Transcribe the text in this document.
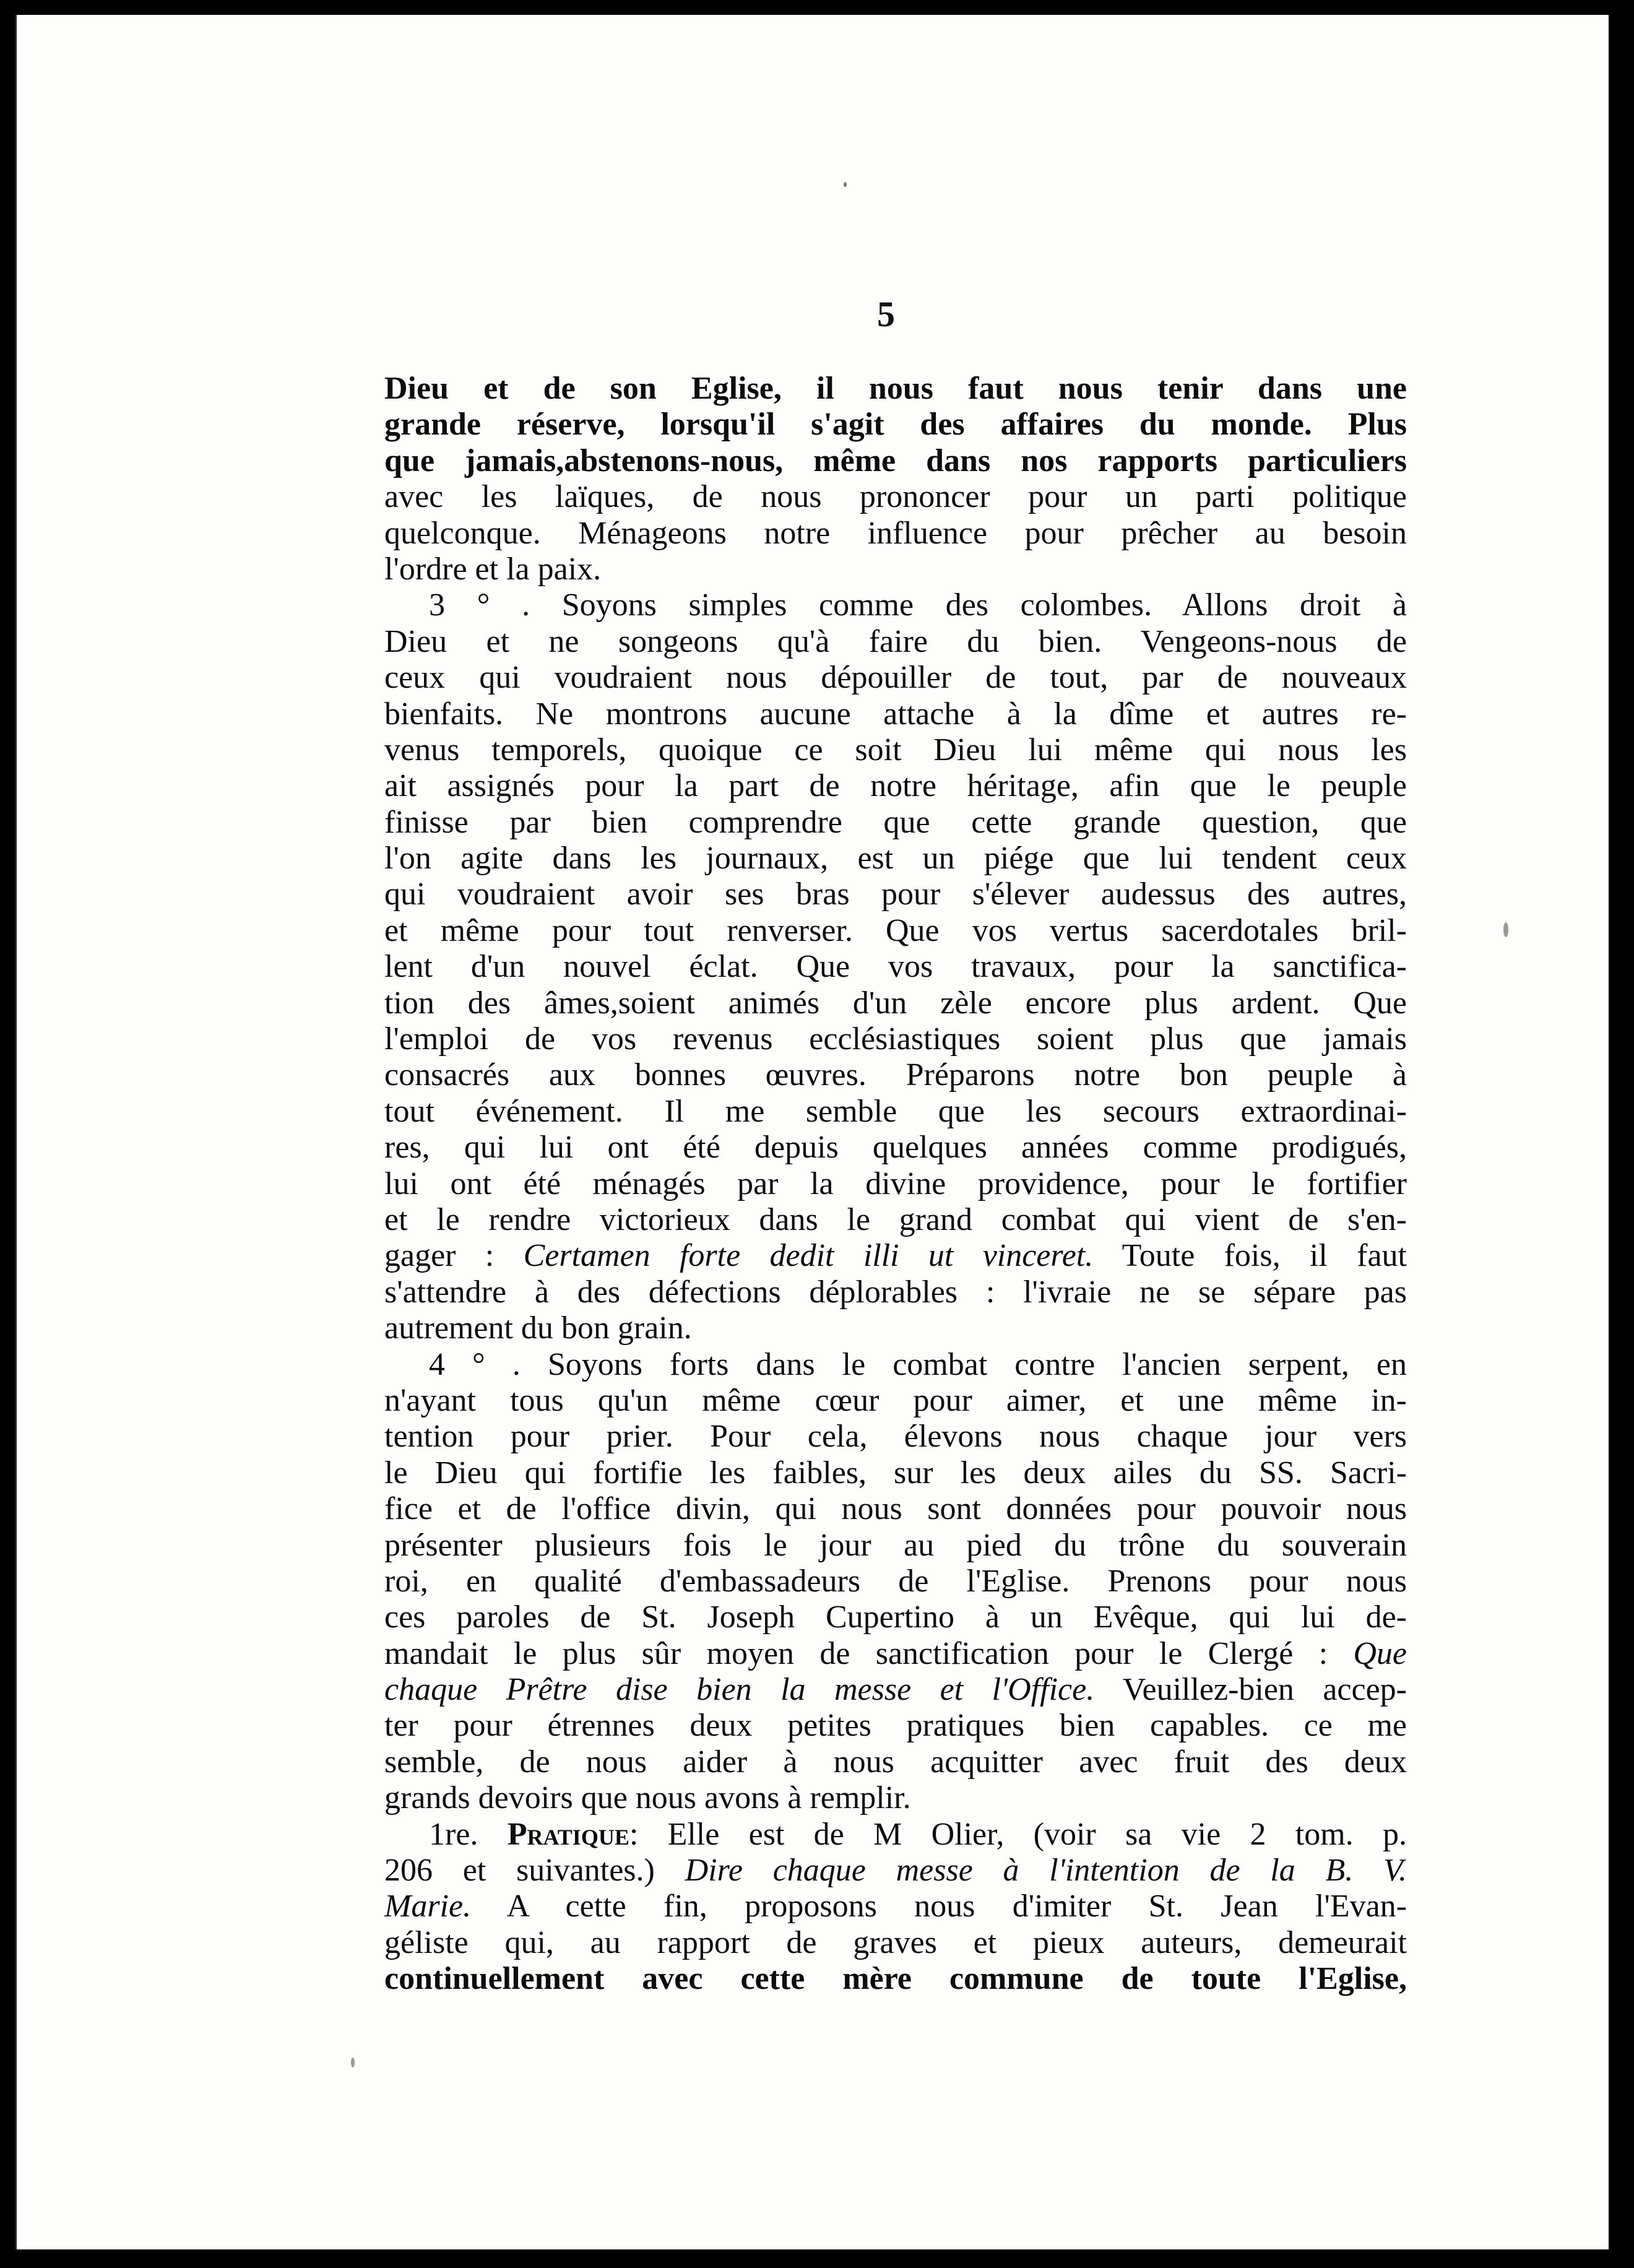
5
Dieu et de son Eglise, il nous faut nous tenir dans une
grande réserve, lorsqu'il s'agit des affaires du monde. Plus
que jamais,abstenons-nous, même dans nos rapports particuliers
avec les laïques, de nous prononcer pour un parti politique
quelconque. Ménageons notre influence pour prêcher au besoin
l'ordre et la paix.
3 ° . Soyons simples comme des colombes. Allons droit à
Dieu et ne songeons qu'à faire du bien. Vengeons-nous de
ceux qui voudraient nous dépouiller de tout, par de nouveaux
bienfaits. Ne montrons aucune attache à la dîme et autres re-
venus temporels, quoique ce soit Dieu lui même qui nous les
ait assignés pour la part de notre héritage, afin que le peuple
finisse par bien comprendre que cette grande question, que
l'on agite dans les journaux, est un piége que lui tendent ceux
qui voudraient avoir ses bras pour s'élever audessus des autres,
et même pour tout renverser. Que vos vertus sacerdotales bril-
lent d'un nouvel éclat. Que vos travaux, pour la sanctifica-
tion des âmes,soient animés d'un zèle encore plus ardent. Que
l'emploi de vos revenus ecclésiastiques soient plus que jamais
consacrés aux bonnes œuvres. Préparons notre bon peuple à
tout événement. Il me semble que les secours extraordinai-
res, qui lui ont été depuis quelques années comme prodigués,
lui ont été ménagés par la divine providence, pour le fortifier
et le rendre victorieux dans le grand combat qui vient de s'en-
gager : Certamen forte dedit illi ut vinceret. Toute fois, il faut
s'attendre à des défections déplorables : l'ivraie ne se sépare pas
autrement du bon grain.
4 ° . Soyons forts dans le combat contre l'ancien serpent, en
n'ayant tous qu'un même cœur pour aimer, et une même in-
tention pour prier. Pour cela, élevons nous chaque jour vers
le Dieu qui fortifie les faibles, sur les deux ailes du SS. Sacri-
fice et de l'office divin, qui nous sont données pour pouvoir nous
présenter plusieurs fois le jour au pied du trône du souverain
roi, en qualité d'embassadeurs de l'Eglise. Prenons pour nous
ces paroles de St. Joseph Cupertino à un Evêque, qui lui de-
mandait le plus sûr moyen de sanctification pour le Clergé : Que
chaque Prêtre dise bien la messe et l'Office. Veuillez-bien accep-
ter pour étrennes deux petites pratiques bien capables. ce me
semble, de nous aider à nous acquitter avec fruit des deux
grands devoirs que nous avons à remplir.
1re. Pratique: Elle est de M Olier, (voir sa vie 2 tom. p.
206 et suivantes.) Dire chaque messe à l'intention de la B. V.
Marie. A cette fin, proposons nous d'imiter St. Jean l'Evan-
géliste qui, au rapport de graves et pieux auteurs, demeurait
continuellement avec cette mère commune de toute l'Eglise,
